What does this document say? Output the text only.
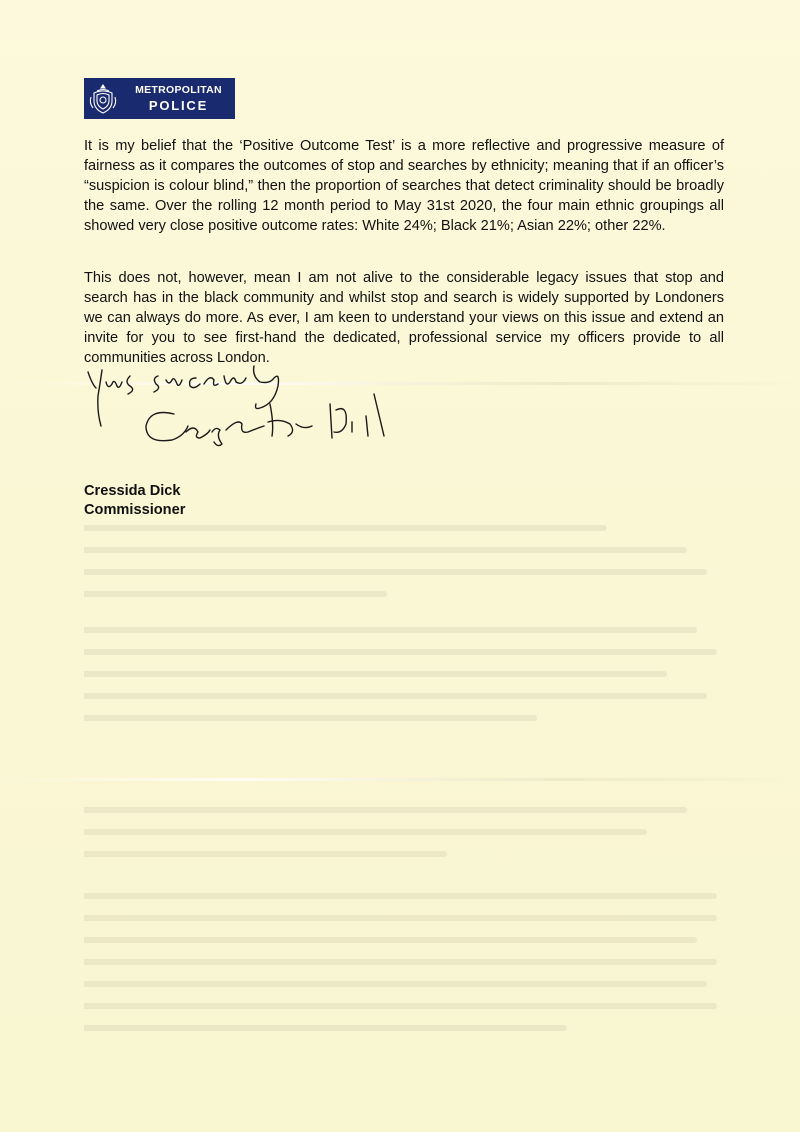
METROPOLITAN
POLICE

It is my belief that the ‘Positive Outcome Test’ is a more reflective and progressive measure of fairness as it compares the outcomes of stop and searches by ethnicity; meaning that if an officer’s “suspicion is colour blind,” then the proportion of searches that detect criminality should be broadly the same. Over the rolling 12 month period to May 31st 2020, the four main ethnic groupings all showed very close positive outcome rates: White 24%; Black 21%; Asian 22%; other 22%.

This does not, however, mean I am not alive to the considerable legacy issues that stop and search has in the black community and whilst stop and search is widely supported by Londoners we can always do more. As ever, I am keen to understand your views on this issue and extend an invite for you to see first-hand the dedicated, professional service my officers provide to all communities across London.

Cressida Dick
Commissioner
